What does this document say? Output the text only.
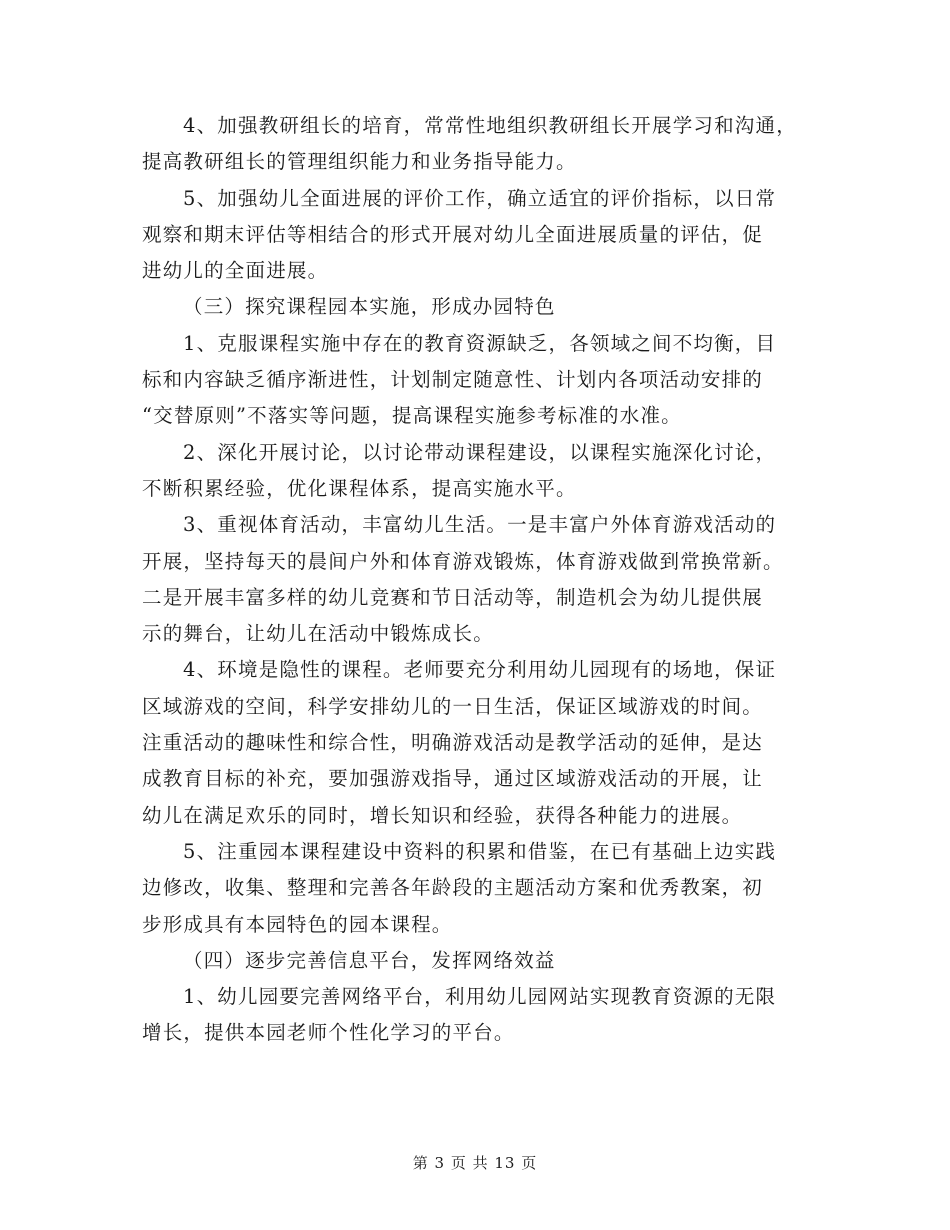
4、加强教研组长的培育，常常性地组织教研组长开展学习和沟通，
提高教研组长的管理组织能力和业务指导能力。
5、加强幼儿全面进展的评价工作，确立适宜的评价指标，以日常
观察和期末评估等相结合的形式开展对幼儿全面进展质量的评估，促
进幼儿的全面进展。
（三）探究课程园本实施，形成办园特色
1、克服课程实施中存在的教育资源缺乏，各领域之间不均衡，目
标和内容缺乏循序渐进性，计划制定随意性、计划内各项活动安排的
“交替原则”不落实等问题，提高课程实施参考标准的水准。
2、深化开展讨论，以讨论带动课程建设，以课程实施深化讨论，
不断积累经验，优化课程体系，提高实施水平。
3、重视体育活动，丰富幼儿生活。一是丰富户外体育游戏活动的
开展，坚持每天的晨间户外和体育游戏锻炼，体育游戏做到常换常新。
二是开展丰富多样的幼儿竞赛和节日活动等，制造机会为幼儿提供展
示的舞台，让幼儿在活动中锻炼成长。
4、环境是隐性的课程。老师要充分利用幼儿园现有的场地，保证
区域游戏的空间，科学安排幼儿的一日生活，保证区域游戏的时间。
注重活动的趣味性和综合性，明确游戏活动是教学活动的延伸，是达
成教育目标的补充，要加强游戏指导，通过区域游戏活动的开展，让
幼儿在满足欢乐的同时，增长知识和经验，获得各种能力的进展。
5、注重园本课程建设中资料的积累和借鉴，在已有基础上边实践
边修改，收集、整理和完善各年龄段的主题活动方案和优秀教案，初
步形成具有本园特色的园本课程。
（四）逐步完善信息平台，发挥网络效益
1、幼儿园要完善网络平台，利用幼儿园网站实现教育资源的无限
增长，提供本园老师个性化学习的平台。
第 3 页 共 13 页
